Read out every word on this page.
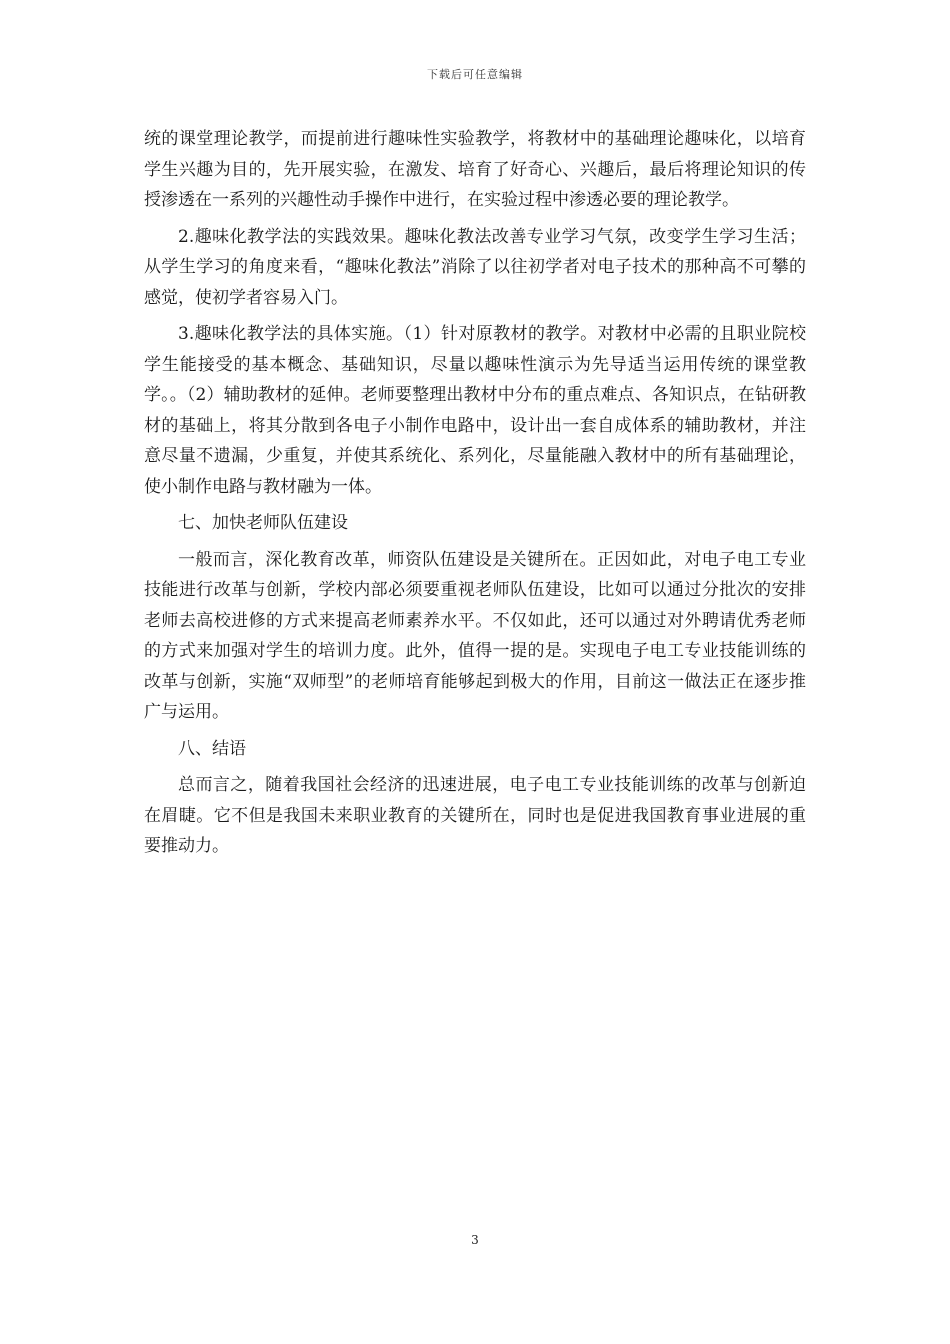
下载后可任意编辑

统的课堂理论教学，而提前进行趣味性实验教学，将教材中的基础理论趣味化，以培育学生兴趣为目的，先开展实验，在激发、培育了好奇心、兴趣后，最后将理论知识的传授渗透在一系列的兴趣性动手操作中进行，在实验过程中渗透必要的理论教学。

2.趣味化教学法的实践效果。趣味化教法改善专业学习气氛，改变学生学习生活；从学生学习的角度来看，“趣味化教法”消除了以往初学者对电子技术的那种高不可攀的感觉，使初学者容易入门。

3.趣味化教学法的具体实施。（1）针对原教材的教学。对教材中必需的且职业院校学生能接受的基本概念、基础知识，尽量以趣味性演示为先导适当运用传统的课堂教学。。（2）辅助教材的延伸。老师要整理出教材中分布的重点难点、各知识点，在钻研教材的基础上，将其分散到各电子小制作电路中，设计出一套自成体系的辅助教材，并注意尽量不遗漏，少重复，并使其系统化、系列化，尽量能融入教材中的所有基础理论，使小制作电路与教材融为一体。

七、加快老师队伍建设

一般而言，深化教育改革，师资队伍建设是关键所在。正因如此，对电子电工专业技能进行改革与创新，学校内部必须要重视老师队伍建设，比如可以通过分批次的安排老师去高校进修的方式来提高老师素养水平。不仅如此，还可以通过对外聘请优秀老师的方式来加强对学生的培训力度。此外，值得一提的是。实现电子电工专业技能训练的改革与创新，实施“双师型”的老师培育能够起到极大的作用，目前这一做法正在逐步推广与运用。

八、结语

总而言之，随着我国社会经济的迅速进展，电子电工专业技能训练的改革与创新迫在眉睫。它不但是我国未来职业教育的关键所在，同时也是促进我国教育事业进展的重要推动力。

3
